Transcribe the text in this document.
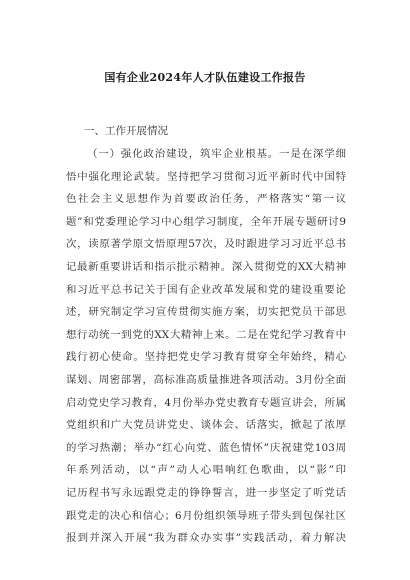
国有企业2024年人才队伍建设工作报告
一、工作开展情况
（一）强化政治建设，筑牢企业根基。一是在深学细
悟中强化理论武装。坚持把学习贯彻习近平新时代中国特
色社会主义思想作为首要政治任务，严格落实“第一议
题”和党委理论学习中心组学习制度，全年开展专题研讨9
次，读原著学原文悟原理57次，及时跟进学习习近平总书
记最新重要讲话和指示批示精神。深入贯彻党的XX大精神
和习近平总书记关于国有企业改革发展和党的建设重要论
述，研究制定学习宣传贯彻实施方案，切实把党员干部思
想行动统一到党的XX大精神上来。二是在党纪学习教育中
践行初心使命。坚持把党史学习教育贯穿全年始终，精心
谋划、周密部署，高标准高质量推进各项活动。3月份全面
启动党史学习教育，4月份举办党史教育专题宣讲会，所属
党组织和广大党员讲党史、谈体会、话落实，掀起了浓厚
的学习热潮；举办“红心向党、蓝色情怀”庆祝建党103周
年系列活动，以“声”动人心唱响红色歌曲，以“影”印
记历程书写永远跟党走的铮铮誓言，进一步坚定了听党话
跟党走的决心和信心；6月份组织领导班子带头到包保社区
报到并深入开展“我为群众办实事”实践活动，着力解决
